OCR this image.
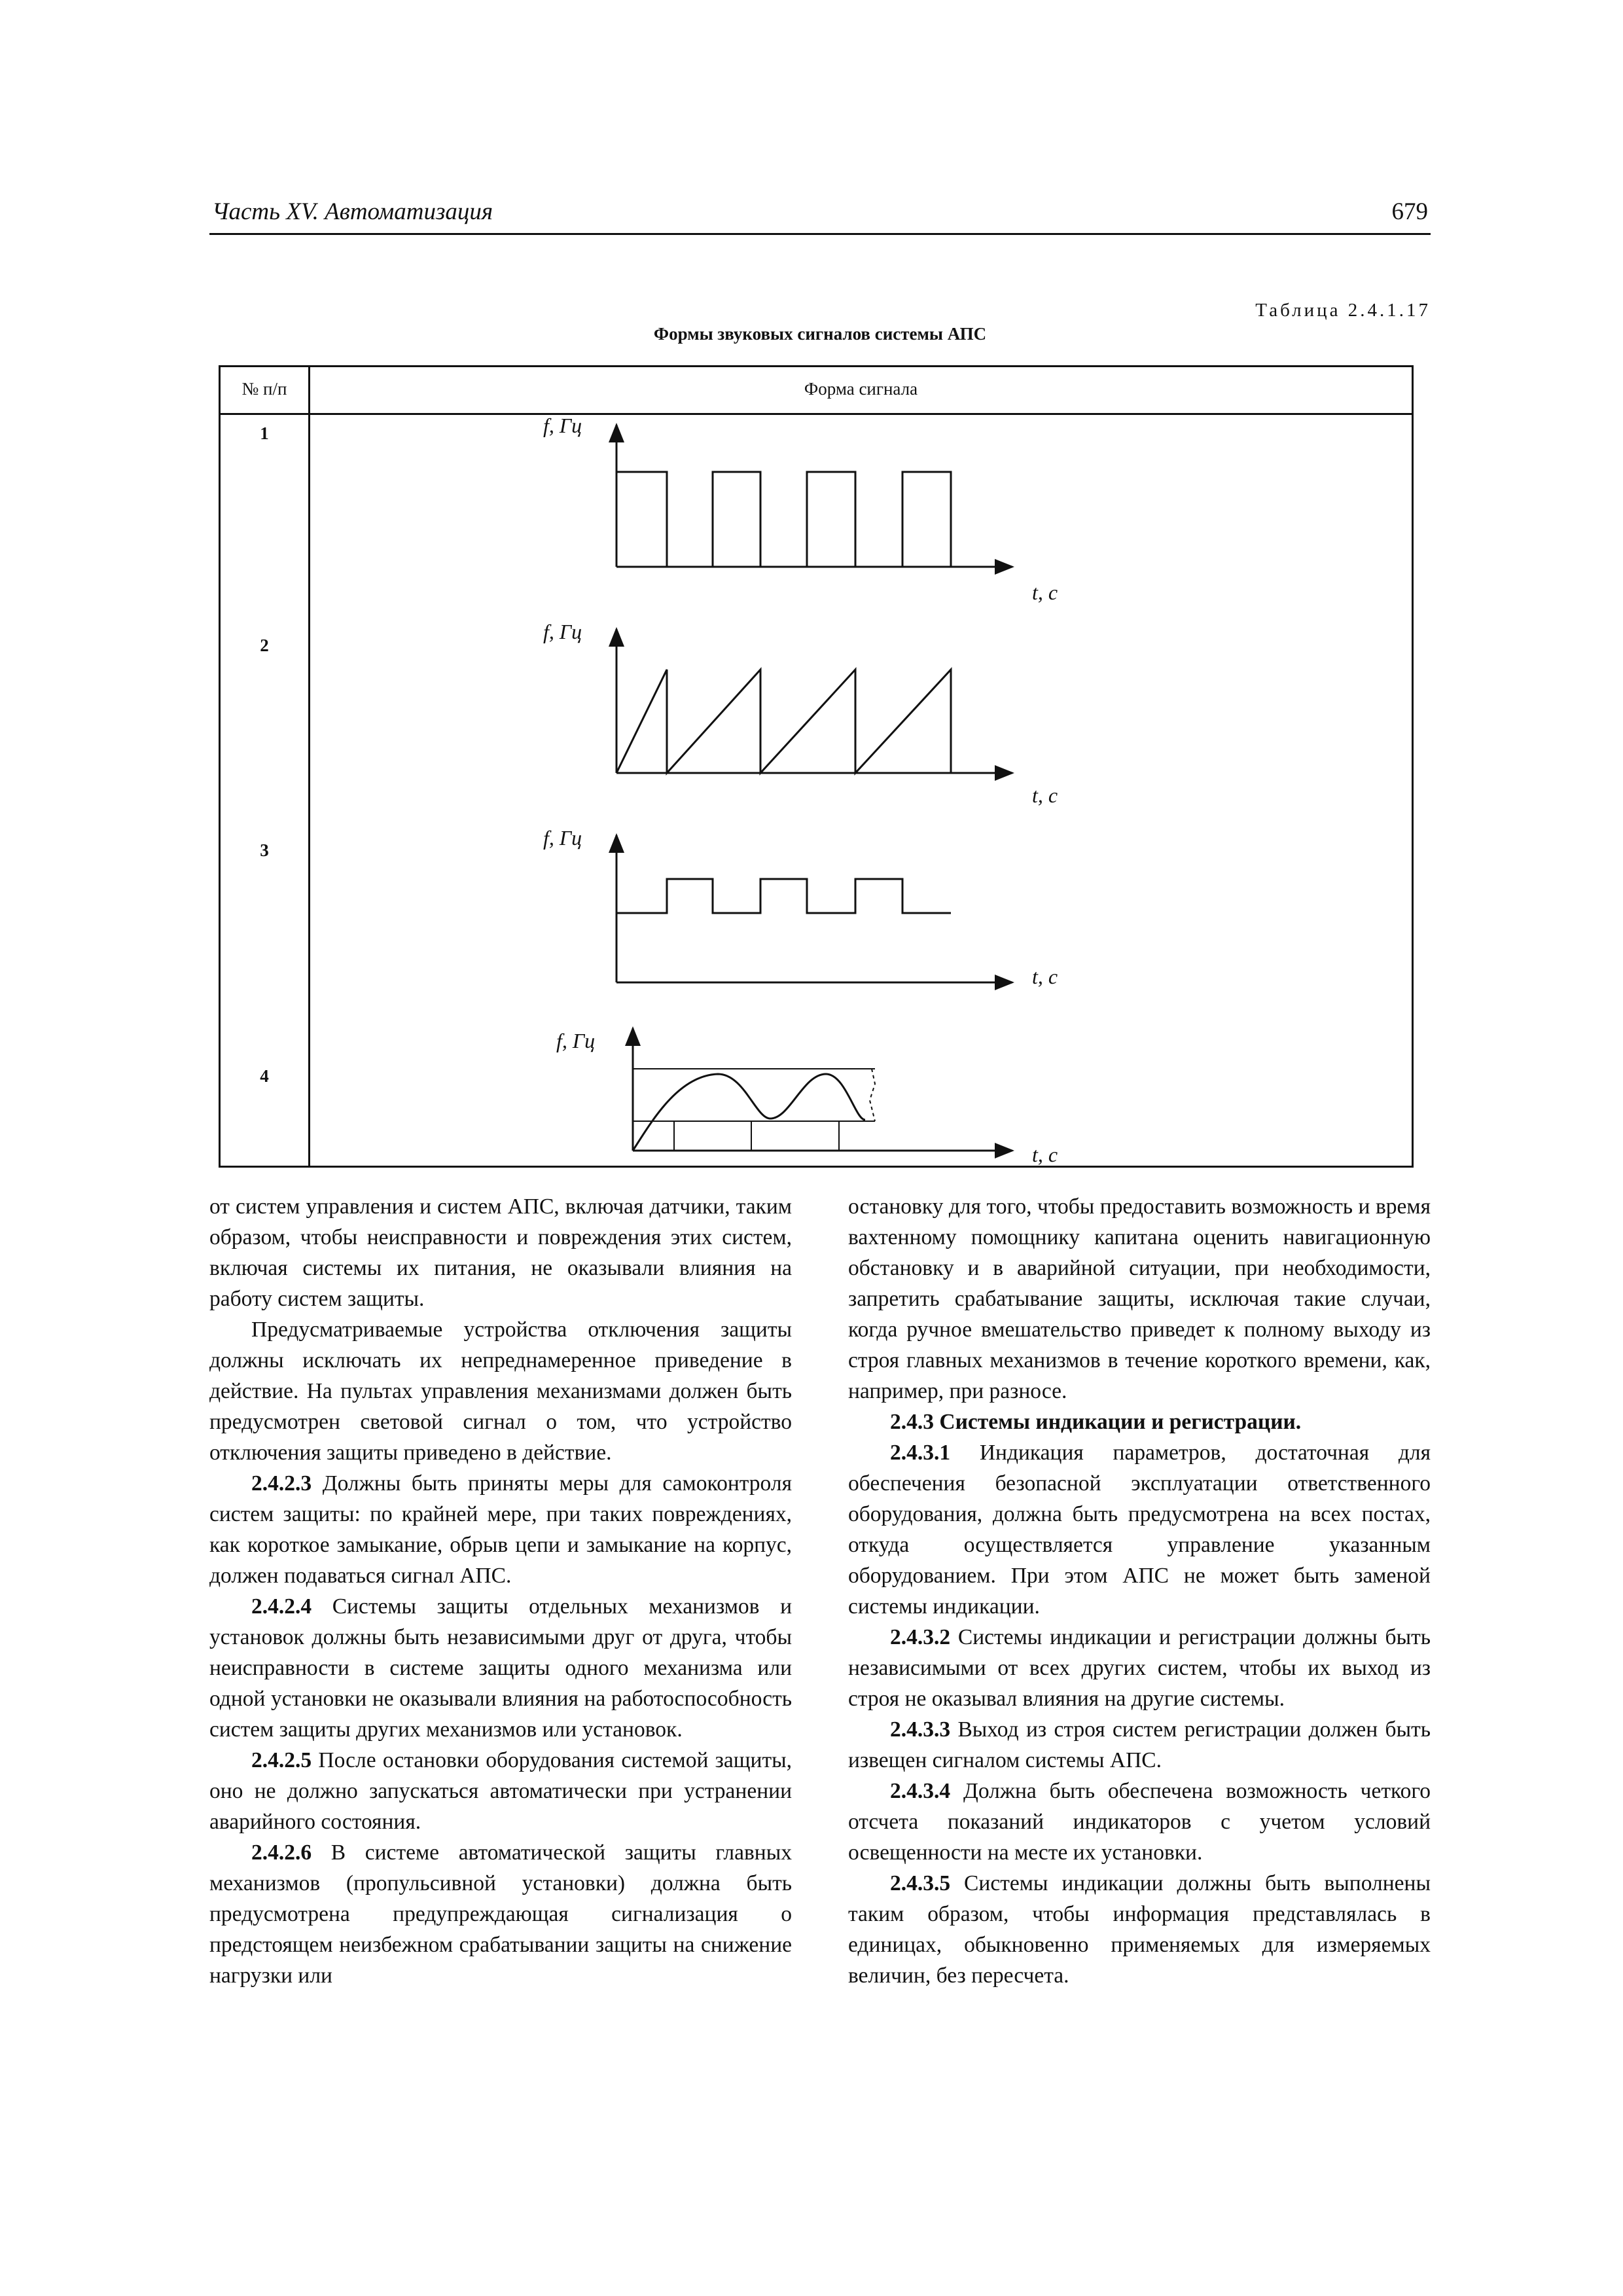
Часть XV. Автоматизация	679
Таблица 2.4.1.17
Формы звуковых сигналов системы АПС
№ п/п	Форма сигнала
1
2
3
4
f, Гц
t, c
f, Гц
t, c
f, Гц
t, c
f, Гц
t, c

от систем управления и систем АПС, включая датчики, таким образом, чтобы неисправности и повреждения этих систем, включая системы их питания, не оказывали влияния на работу систем защиты.

Предусматриваемые устройства отключения защиты должны исключать их непреднамеренное приведение в действие. На пультах управления механизмами должен быть предусмотрен световой сигнал о том, что устройство отключения защиты приведено в действие.

2.4.2.3 Должны быть приняты меры для самоконтроля систем защиты: по крайней мере, при таких повреждениях, как короткое замыкание, обрыв цепи и замыкание на корпус, должен подаваться сигнал АПС.

2.4.2.4 Системы защиты отдельных механизмов и установок должны быть независимыми друг от друга, чтобы неисправности в системе защиты одного механизма или одной установки не оказывали влияния на работоспособность систем защиты других механизмов или установок.

2.4.2.5 После остановки оборудования системой защиты, оно не должно запускаться автоматически при устранении аварийного состояния.

2.4.2.6 В системе автоматической защиты главных механизмов (пропульсивной установки) должна быть предусмотрена предупреждающая сигнализация о предстоящем неизбежном срабатывании защиты на снижение нагрузки или

остановку для того, чтобы предоставить возможность и время вахтенному помощнику капитана оценить навигационную обстановку и в аварийной ситуации, при необходимости, запретить срабатывание защиты, исключая такие случаи, когда ручное вмешательство приведет к полному выходу из строя главных механизмов в течение короткого времени, как, например, при разносе.

2.4.3 Системы индикации и регистрации.

2.4.3.1 Индикация параметров, достаточная для обеспечения безопасной эксплуатации ответственного оборудования, должна быть предусмотрена на всех постах, откуда осуществляется управление указанным оборудованием. При этом АПС не может быть заменой системы индикации.

2.4.3.2 Системы индикации и регистрации должны быть независимыми от всех других систем, чтобы их выход из строя не оказывал влияния на другие системы.

2.4.3.3 Выход из строя систем регистрации должен быть извещен сигналом системы АПС.

2.4.3.4 Должна быть обеспечена возможность четкого отсчета показаний индикаторов с учетом условий освещенности на месте их установки.

2.4.3.5 Системы индикации должны быть выполнены таким образом, чтобы информация представлялась в единицах, обыкновенно применяемых для измеряемых величин, без пересчета.
